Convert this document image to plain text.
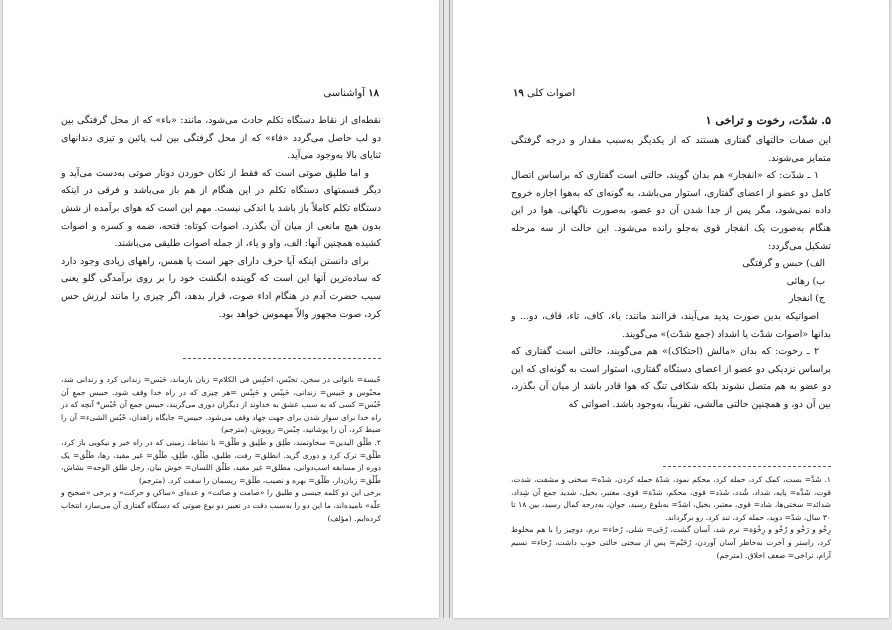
۱۸ آواشناسی

نقطه‌ای از نقاط دستگاه تکلم حادث می‌شود، مانند: «باء» که از محل گرفتگی بین دو لب حاصل می‌گردد «فاء» که از محل گرفتگی بین لب پائین و تیزی دندانهای ثنایای بالا به‌وجود می‌آید.

و اما طلیق صوتی است که فقط از تکان خوردن دوتار صوتی به‌دست می‌آید و دیگر قسمتهای دستگاه تکلم در این هنگام از هم باز می‌باشد و فرقی در اینکه دستگاه تکلم کاملاً باز باشد یا اندکی نیست. مهم این است که هوای برآمده از شش بدون هیچ مانعی از میان آن بگذرد. اصوات کوتاه: فتحه، ضمه و کسره و اصوات کشیده همچنین آنها: الف، واو و یاء، از جمله اصوات طلیقی می‌باشند.

برای دانستن اینکه آیا حرف دارای جهر است یا همس، راههای زیادی وجود دارد که ساده‌ترین آنها این است که گوینده انگشت خود را بر روی برآمدگی گلو یعنی سیب حضرت آدم در هنگام اداء صوت، قرار بدهد، اگر چیزی را مانند لرزش حس کرد، صوت مجهور والاّ مهموس خواهد بود.

حُبسة= ناتوانی در سخن، تحبّس، احتُبِس فی الکلام= زبان بازماند، حَبَس= زندانی کرد و زندانی شد، محبُوس و حَبیس= زندانی، حَبِیْس و حَبِیْس =هر چیزی که در راه خدا وقف شود. حبیس جمعِ آن حُبُس= کسی که به سبب عشق به خداوند از دیگران دوری می‌گزیند، حبیس جمع آن حُبُس* آنچه که در راه خدا برای سوار شدن برای جهت جهاد وقف می‌شود. حبیس= جایگاه زاهدان، حُبُس الشیء= آن را ضبط کرد، آن را پوشانید، حِبْس= روپوش، (مترجم)

۲. طَلْق الیدین= سخاوتمند، طَلِق و طَلِیق و طَلْق= با نشاط، زمینی که در راه خیر و نیکویی باز کرد، طَلْق= ترک کرد و دوری گزید. انطلق= رفت، طلیق، طَلْق، طَلِق، طَلْق= غیر مقید، رها، طَلْق= یک دوره از مسابقه اسب‌دوانی، مطلق= غیر مقید، طَلْق اللسان= خوش بیان، رجل طلق الوجه= بشاش، طُلْق= زبان‌دار، طَلْق= بهره و نصیب، طَلَق= ریسمان را سفت کرد. (مترجم)

برخی این دو کلمه جیسی و طلیق را «صامت و صائت» و عده‌ای «ساکن و حرکت» و برخی «صحیح و علّه» نامیده‌اند، ما این دو را به‌سبب دقت در تعبیر دو نوع صوتی که دستگاه گفتاری آن می‌سازد انتخاب کرده‌ایم. (مؤلف)

اصوات کلی ۱۹
۵. شدّت، رخوت و تراخی ۱

این صفات حالتهای گفتاری هستند که از یکدیگر به‌سبب مقدار و درجه گرفتگی متمایز می‌شوند.

۱ ـ شدّت: که «انفجار» هم بدان گویند، حالتی است گفتاری که براساس اتصال کامل دو عضو از اعضای گفتاری، استوار می‌باشد، به گونه‌ای که به‌هوا اجازه خروج داده نمی‌شود، مگر پس از جدا شدن آن دو عضو، به‌صورت ناگهانی. هوا در این هنگام به‌صورت یک انفجار قوی به‌جلو رانده می‌شود. این حالت از سه مرحله تشکیل می‌گردد:

الف) حبس و گرفتگی
ب) رهائی
ج) انفجار

اصواتیکه بدین صورت پدید می‌آیند، فرا‌انند مانند: باء، کاف، تاء، قاف، دو... و بدانها «اصوات شدّت یا اشداد (جمع شدّت)» می‌گویند.

۲ ـ رخوت: که بدان «مالش (احتکاک)» هم می‌گویند، حالتی است گفتاری که براساس نزدیکی دو عضو از اعضای دستگاه گفتاری، استوار است به گونه‌ای که این دو عضو به هم متصل نشوند بلکه شکافی تنگ که هوا قادر باشد از میان آن بگذرد، بین آن دو، و همچنین حالتی مالشی، تقریباً، به‌وجود باشد. اصواتی که

۱. شَدَّ= بست، کمک کرد، حمله کرد، محکم نمود، شدّهٔ حمله کردن، شدّه= سختی و مشقت، شدت، قوت، شَدَّه= پایه، شداد، شُدد، شَدَد= قوی، محکم، شدّة= قوی، معتبر، بخیل، شدید جمع آن شِداد، شدائد= سختی‌ها، شاد= قوی، معتبر، بخیل، اشدّ= به‌بلوغ رسید، جوان، به‌درجه کمال رسید، بین ۱۸ تا ۳۰ سال، شدّ= دوید، حمله کرد، تند کرد، رو برگرداند.

رِخْو و رَخْو و رُخْو و رِخْوَة= نرم شد، آسان گشت، رُخَی= شلی، رُخاء= نرم، دوچیز را با هم مخلوط کرد، راستر و آخرت به‌خاطر آسان آوردن، رُخَیْم= پس از سختی حالتی خوب داشت، رُخاء= نسیم آرام، تراخی= ضعف اخلاق. (مترجم)
